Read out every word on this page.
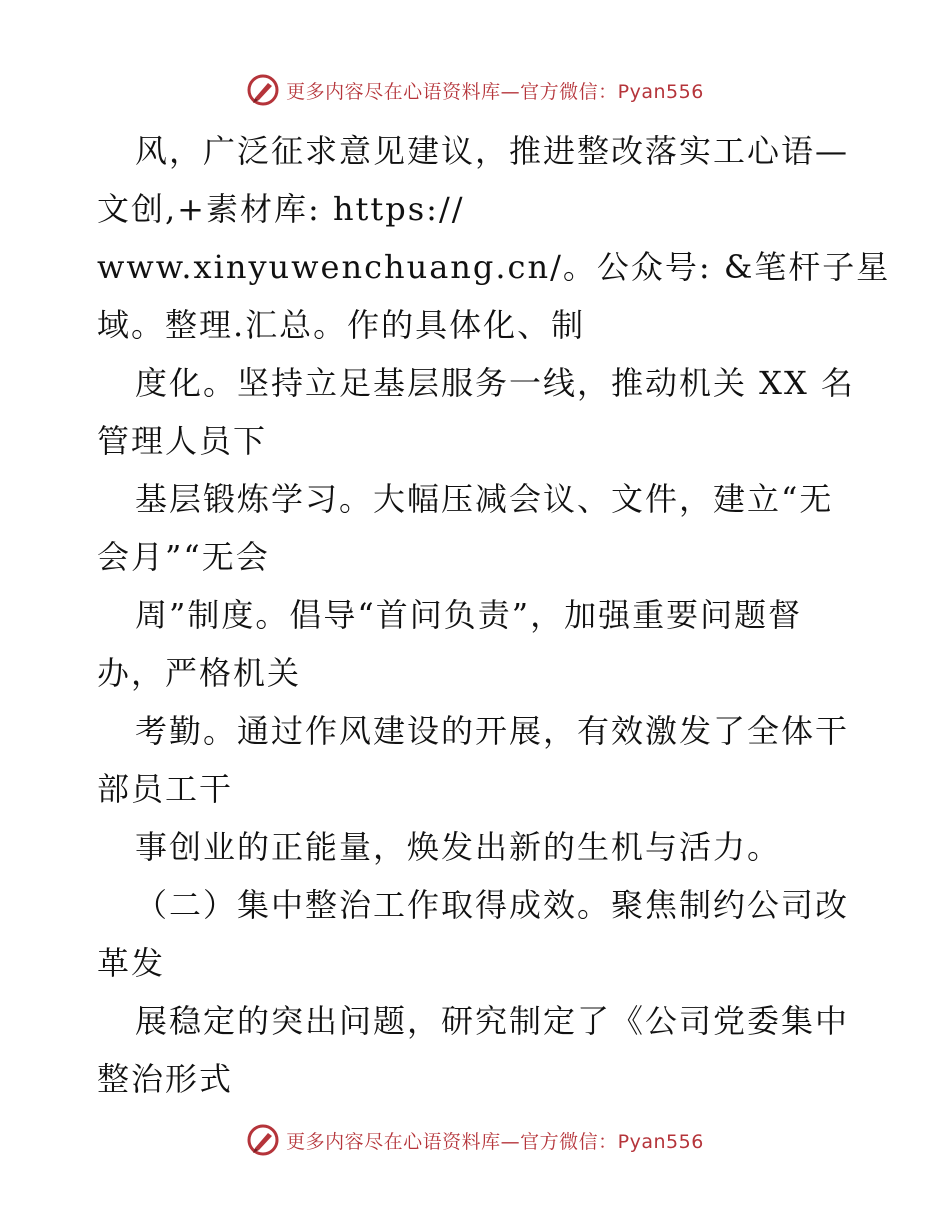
更多内容尽在心语资料库—官方微信：Pyan556
风，广泛征求意见建议，推进整改落实工心语—
文创,+素材库: https://
www.xinyuwenchuang.cn/。公众号: &笔杆子星
域。整理.汇总。作的具体化、制
度化。坚持立足基层服务一线，推动机关 XX 名
管理人员下
基层锻炼学习。大幅压减会议、文件，建立“无
会月”“无会
周”制度。倡导“首问负责”，加强重要问题督
办，严格机关
考勤。通过作风建设的开展，有效激发了全体干
部员工干
事创业的正能量，焕发出新的生机与活力。
（二）集中整治工作取得成效。聚焦制约公司改
革发
展稳定的突出问题，研究制定了《公司党委集中
整治形式
更多内容尽在心语资料库—官方微信：Pyan556
